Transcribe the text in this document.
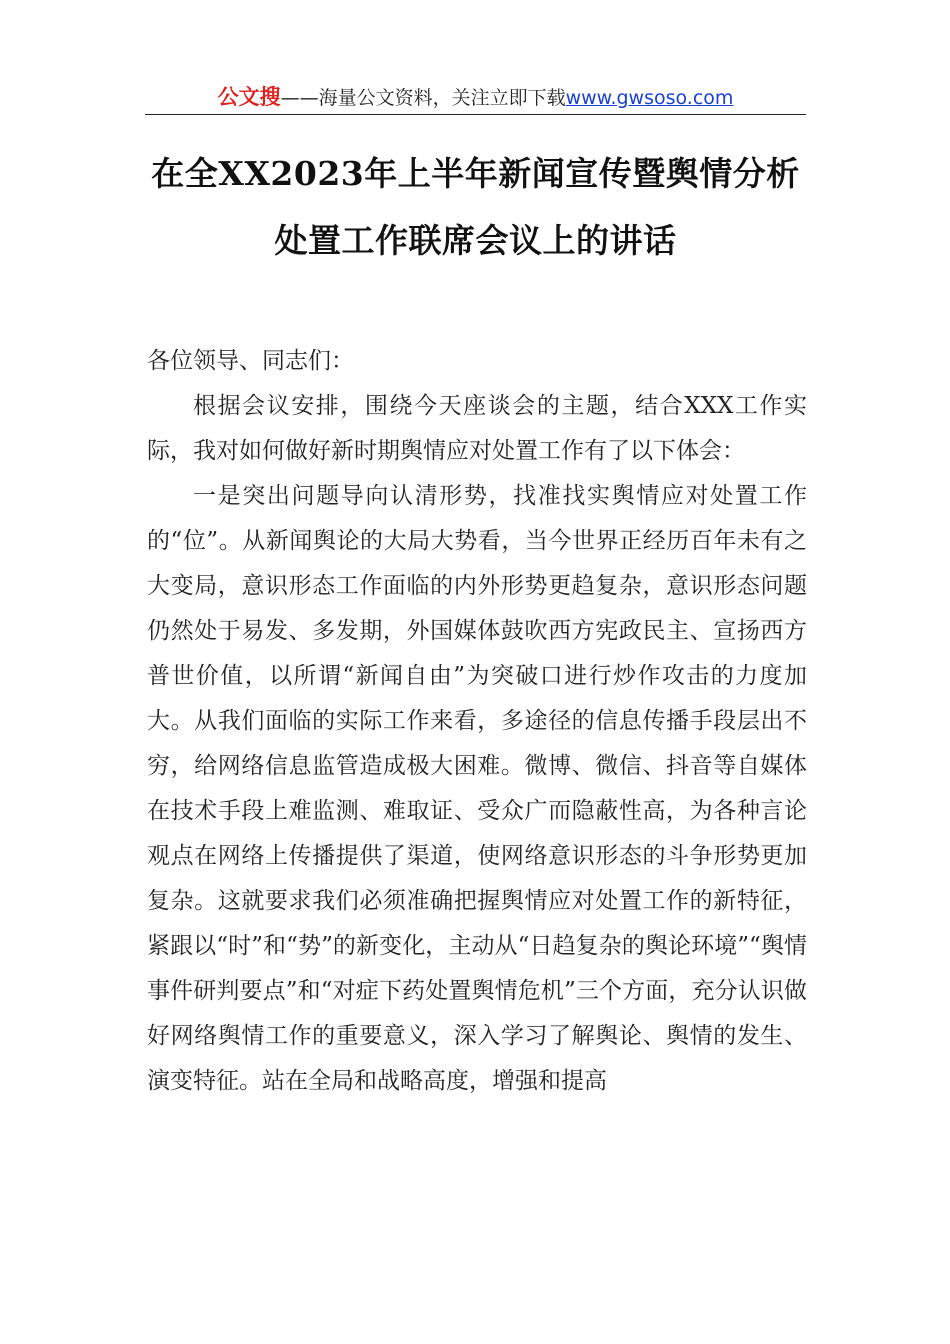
公文搜——海量公文资料，关注立即下载www.gwsoso.com
在全XX2023年上半年新闻宣传暨舆情分析
处置工作联席会议上的讲话

各位领导、同志们：

根据会议安排，围绕今天座谈会的主题，结合XXX工作实际，我对如何做好新时期舆情应对处置工作有了以下体会：

一是突出问题导向认清形势，找准找实舆情应对处置工作的“位”。从新闻舆论的大局大势看，当今世界正经历百年未有之大变局，意识形态工作面临的内外形势更趋复杂，意识形态问题仍然处于易发、多发期，外国媒体鼓吹西方宪政民主、宣扬西方普世价值，以所谓“新闻自由”为突破口进行炒作攻击的力度加大。从我们面临的实际工作来看，多途径的信息传播手段层出不穷，给网络信息监管造成极大困难。微博、微信、抖音等自媒体在技术手段上难监测、难取证、受众广而隐蔽性高，为各种言论观点在网络上传播提供了渠道，使网络意识形态的斗争形势更加复杂。这就要求我们必须准确把握舆情应对处置工作的新特征，紧跟以“时”和“势”的新变化，主动从“日趋复杂的舆论环境”“舆情事件研判要点”和“对症下药处置舆情危机”三个方面，充分认识做好网络舆情工作的重要意义，深入学习了解舆论、舆情的发生、演变特征。站在全局和战略高度，增强和提高
